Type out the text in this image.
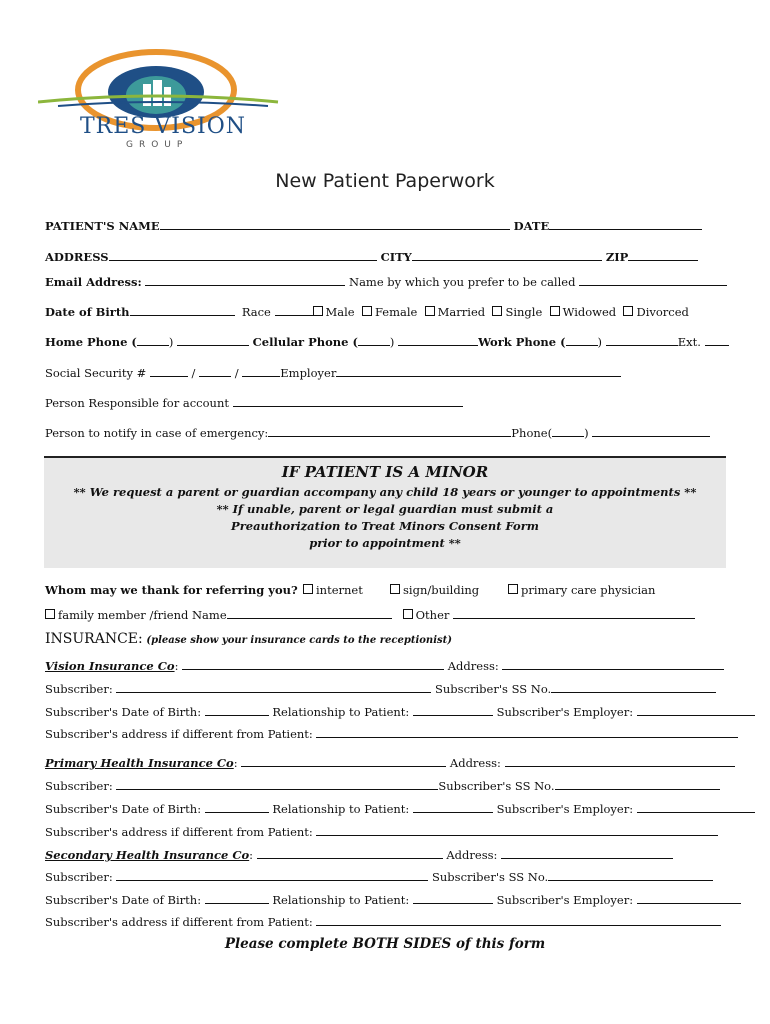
TRES VISION
GROUP
New Patient Paperwork
PATIENT'S NAME	DATE
ADDRESS	CITY	ZIP
Email Address:	Name by which you prefer to be called
Date of Birth	Race	Male Female Married Single Widowed Divorced
Home Phone (	)	Cellular Phone (	)	Work Phone (	)	Ext.
Social Security #	/	/	Employer
Person Responsible for account
Person to notify in case of emergency:	Phone(	)
IF PATIENT IS A MINOR
** We request a parent or guardian accompany any child 18 years or younger to appointments **
** If unable, parent or legal guardian must submit a
Preauthorization to Treat Minors Consent Form
prior to appointment **
Whom may we thank for referring you?	internet	sign/building	primary care physician
family member /friend Name	Other
INSURANCE: (please show your insurance cards to the receptionist)
Vision Insurance Co:	Address:
Subscriber:	Subscriber's SS No.
Subscriber's Date of Birth:	Relationship to Patient:	Subscriber's Employer:
Subscriber's address if different from Patient:
Primary Health Insurance Co:	Address:
Subscriber:	Subscriber's SS No.
Subscriber's Date of Birth:	Relationship to Patient:	Subscriber's Employer:
Subscriber's address if different from Patient:
Secondary Health Insurance Co:	Address:
Subscriber:	Subscriber's SS No.
Subscriber's Date of Birth:	Relationship to Patient:	Subscriber's Employer:
Subscriber's address if different from Patient:
Please complete BOTH SIDES of this form
